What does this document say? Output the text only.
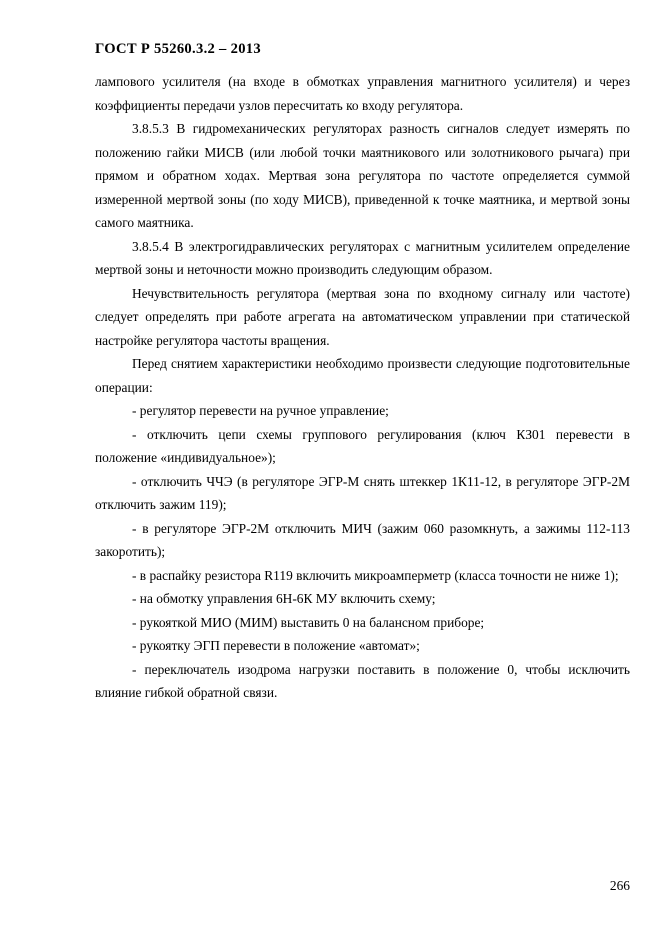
ГОСТ Р 55260.3.2 – 2013

лампового усилителя (на входе в обмотках управления магнитного усилителя) и через коэффициенты передачи узлов пересчитать ко входу регулятора.

3.8.5.3 В гидромеханических регуляторах разность сигналов следует измерять по положению гайки МИСВ (или любой точки маятникового или золотникового рычага) при прямом и обратном ходах. Мертвая зона регулятора по частоте определяется суммой измеренной мертвой зоны (по ходу МИСВ), приведенной к точке маятника, и мертвой зоны самого маятника.

3.8.5.4 В электрогидравлических регуляторах с магнитным усилителем определение мертвой зоны и неточности можно производить следующим образом.

Нечувствительность регулятора (мертвая зона по входному сигналу или частоте) следует определять при работе агрегата на автоматическом управлении при статической настройке регулятора частоты вращения.

Перед снятием характеристики необходимо произвести следующие подготовительные операции:

- регулятор перевести на ручное управление;

- отключить цепи схемы группового регулирования (ключ КЗ01 перевести в положение «индивидуальное»);

- отключить ЧЧЭ (в регуляторе ЭГР-М снять штеккер 1К11-12, в регуляторе ЭГР-2М отключить зажим 119);

- в регуляторе ЭГР-2М отключить МИЧ (зажим 060 разомкнуть, а зажимы 112-113 закоротить);

- в распайку резистора R119 включить микроамперметр (класса точности не ниже 1);

- на обмотку управления 6Н-6К МУ включить схему;

- рукояткой МИО (МИМ) выставить 0 на балансном приборе;

- рукоятку ЭГП перевести в положение «автомат»;

- переключатель изодрома нагрузки поставить в положение 0, чтобы исключить влияние гибкой обратной связи.

266
